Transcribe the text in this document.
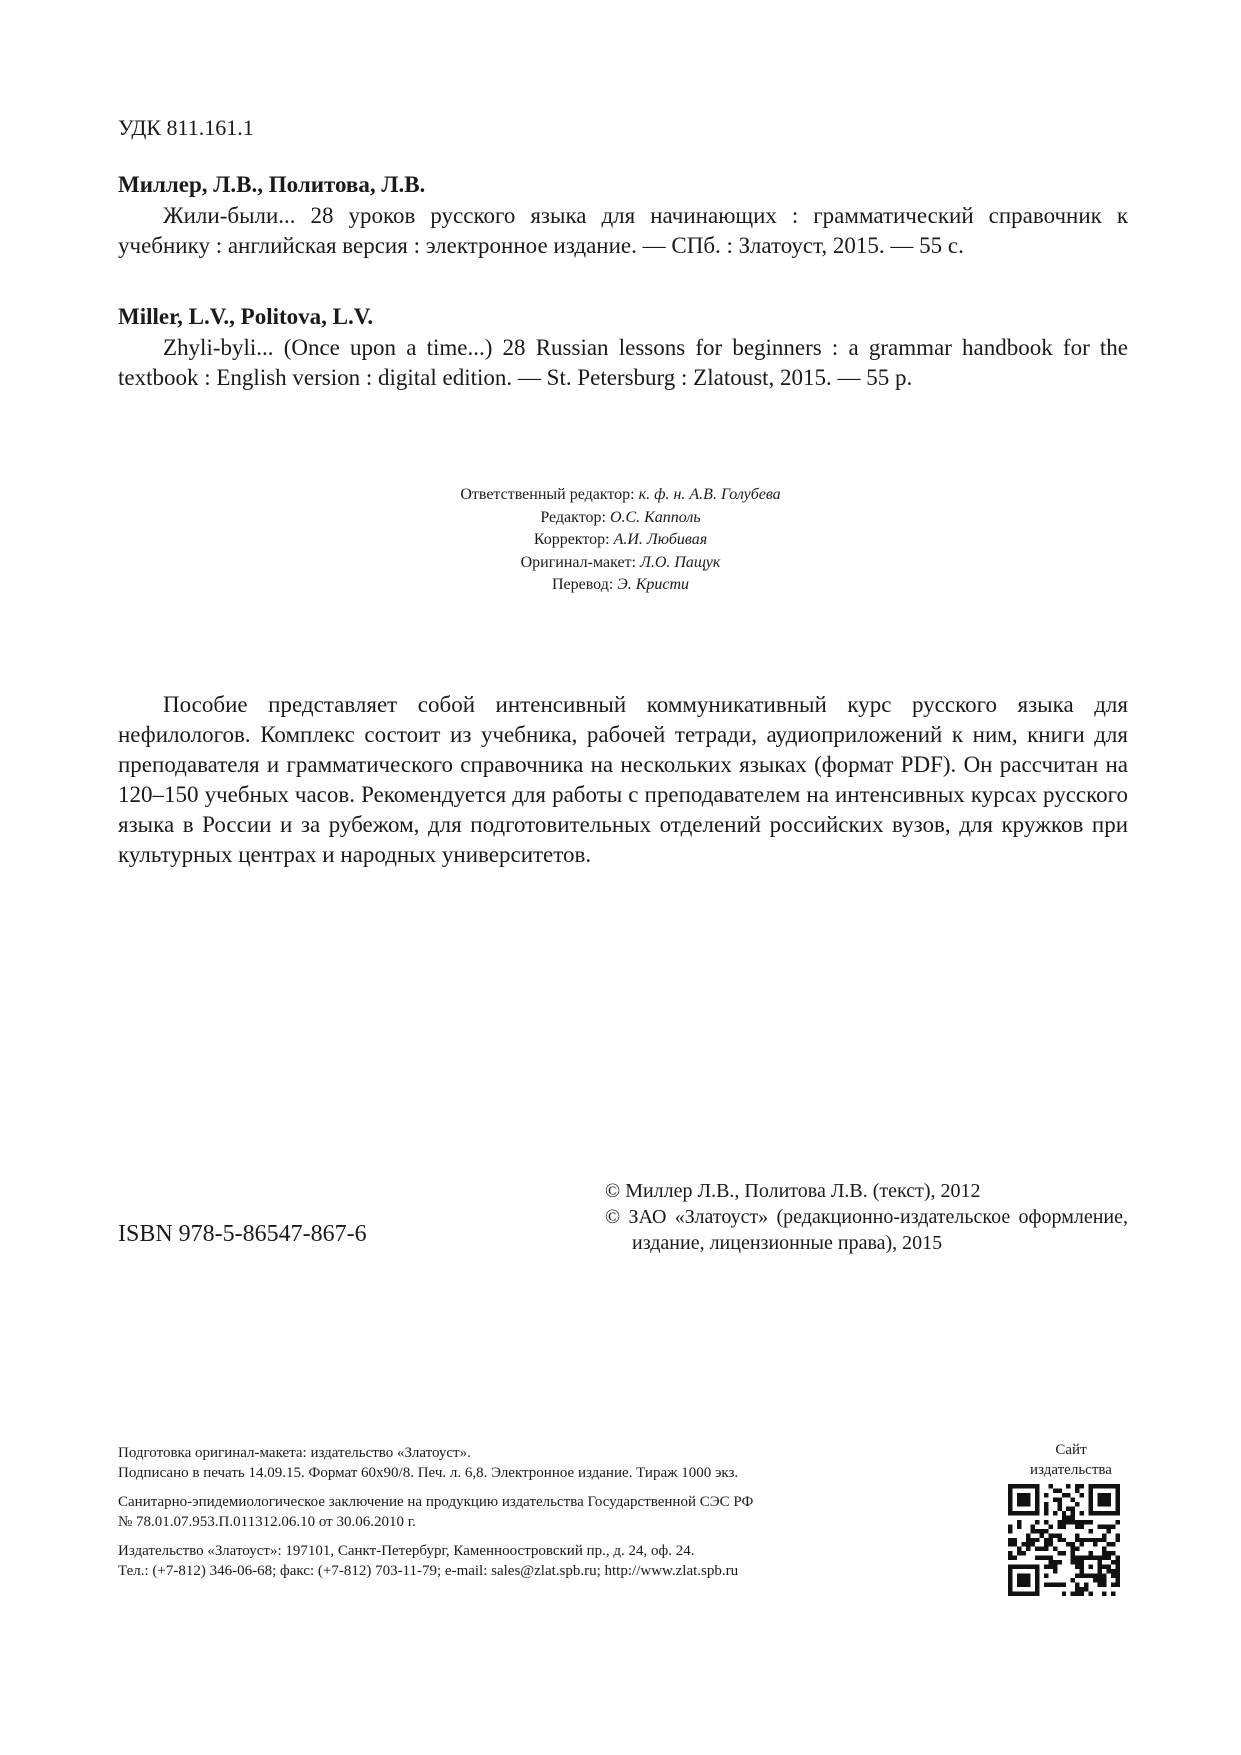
УДК 811.161.1
Миллер, Л.В., Политова, Л.В.
Жили-были... 28 уроков русского языка для начинающих : грамматический справочник к учебнику : английская версия : электронное издание. — СПб. : Златоуст, 2015. — 55 с.
Miller, L.V., Politova, L.V.
Zhyli-byli... (Once upon a time...) 28 Russian lessons for beginners : a grammar handbook for the textbook : English version : digital edition. — St. Petersburg : Zlatoust, 2015. — 55 p.
Ответственный редактор: к. ф. н. А.В. Голубева
Редактор: О.С. Капполь
Корректор: А.И. Любивая
Оригинал-макет: Л.О. Пащук
Перевод: Э. Кристи
Пособие представляет собой интенсивный коммуникативный курс русского языка для нефилологов. Комплекс состоит из учебника, рабочей тетради, аудиоприложений к ним, книги для преподавателя и грамматического справочника на нескольких языках (формат PDF). Он рассчитан на 120–150 учебных часов. Рекомендуется для работы с преподавателем на интенсивных курсах русского языка в России и за рубежом, для подготовительных отделений российских вузов, для кружков при культурных центрах и народных университетов.
© Миллер Л.В., Политова Л.В. (текст), 2012
© ЗАО «Златоуст» (редакционно-издательское оформление, издание, лицензионные права), 2015
ISBN 978-5-86547-867-6

Подготовка оригинал-макета: издательство «Златоуст».
Подписано в печать 14.09.15. Формат 60x90/8. Печ. л. 6,8. Электронное издание. Тираж 1000 экз.

Санитарно-эпидемиологическое заключение на продукцию издательства Государственной СЭС РФ
№ 78.01.07.953.П.011312.06.10 от 30.06.2010 г.

Издательство «Златоуст»: 197101, Санкт-Петербург, Каменноостровский пр., д. 24, оф. 24.
Тел.: (+7-812) 346-06-68; факс: (+7-812) 703-11-79; e-mail: sales@zlat.spb.ru; http://www.zlat.spb.ru

Сайт
издательства
